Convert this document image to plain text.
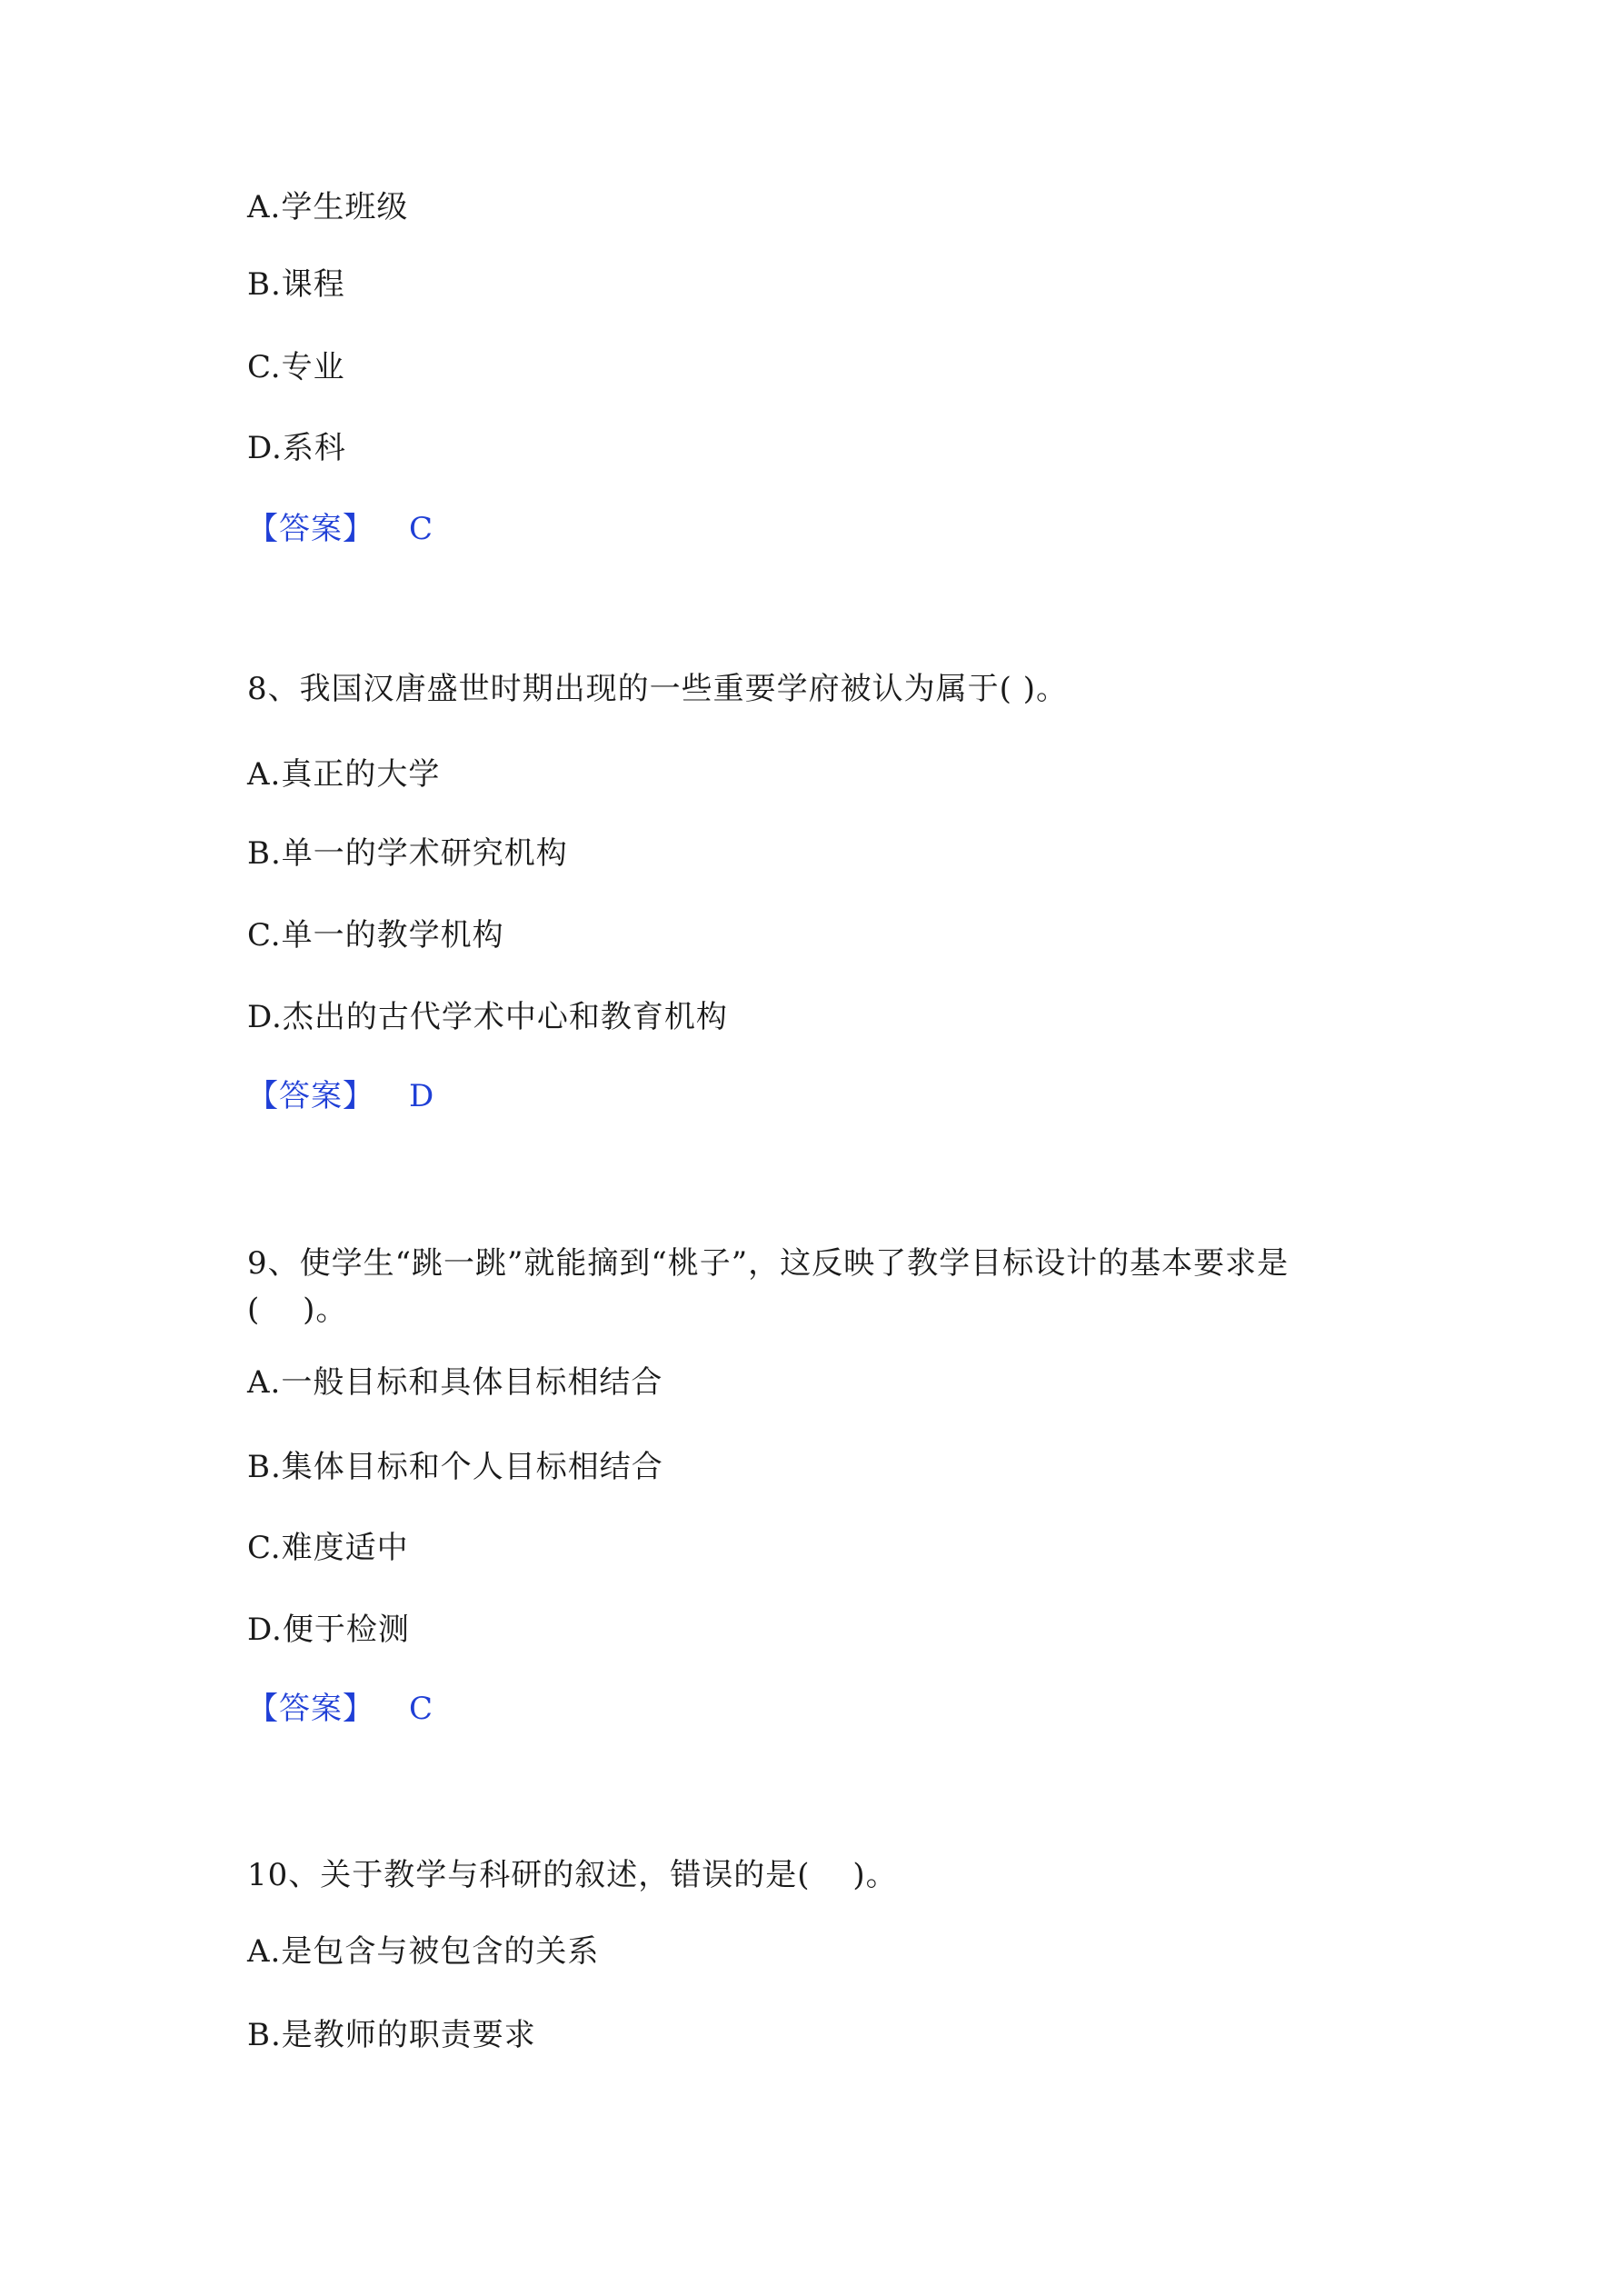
A.学生班级
B.课程
C.专业
D.系科
【答案】 C
8、我国汉唐盛世时期出现的一些重要学府被认为属于( )。
A.真正的大学
B.单一的学术研究机构
C.单一的教学机构
D.杰出的古代学术中心和教育机构
【答案】 D
9、使学生“跳一跳”就能摘到“桃子”，这反映了教学目标设计的基本要求是
(　 )。
A.一般目标和具体目标相结合
B.集体目标和个人目标相结合
C.难度适中
D.便于检测
【答案】 C
10、关于教学与科研的叙述，错误的是(　 )。
A.是包含与被包含的关系
B.是教师的职责要求
